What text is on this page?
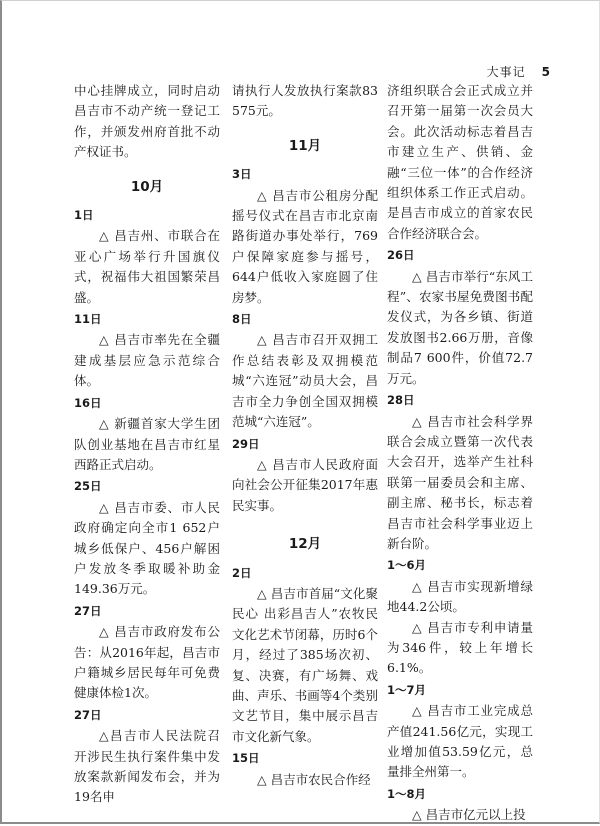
大事记 5

中心挂牌成立，同时启动昌吉市不动产统一登记工作，并颁发州府首批不动产权证书。

10月
1日

△ 昌吉州、市联合在亚心广场举行升国旗仪式，祝福伟大祖国繁荣昌盛。

11日

△ 昌吉市率先在全疆建成基层应急示范综合体。

16日

△ 新疆首家大学生团队创业基地在昌吉市红星西路正式启动。

25日

△ 昌吉市委、市人民政府确定向全市1 652户城乡低保户、456户解困户发放冬季取暖补助金149.36万元。

27日

△ 昌吉市政府发布公告：从2016年起，昌吉市户籍城乡居民每年可免费健康体检1次。

27日

△昌吉市人民法院召开涉民生执行案件集中发放案款新闻发布会，并为19名申

请执行人发放执行案款83 575元。

11月
3日

△ 昌吉市公租房分配摇号仪式在昌吉市北京南路街道办事处举行，769户保障家庭参与摇号，644户低收入家庭圆了住房梦。

8日

△ 昌吉市召开双拥工作总结表彰及双拥模范城“六连冠”动员大会，昌吉市全力争创全国双拥模范城“六连冠”。

29日

△ 昌吉市人民政府面向社会公开征集2017年惠民实事。

12月
2日

△ 昌吉市首届“文化聚民心 出彩昌吉人”农牧民文化艺术节闭幕，历时6个月，经过了385场次初、复、决赛，有广场舞、戏曲、声乐、书画等4个类别文艺节目，集中展示昌吉市文化新气象。

15日

△ 昌吉市农民合作经

济组织联合会正式成立并召开第一届第一次会员大会。此次活动标志着昌吉市建立生产、供销、金融“三位一体”的合作经济组织体系工作正式启动。是昌吉市成立的首家农民合作经济联合会。

26日

△ 昌吉市举行“东风工程”、农家书屋免费图书配发仪式，为各乡镇、街道发放图书2.66万册，音像制品7 600件，价值72.7万元。

28日

△ 昌吉市社会科学界联合会成立暨第一次代表大会召开，选举产生社科联第一届委员会和主席、副主席、秘书长，标志着昌吉市社会科学事业迈上新台阶。

1～6月

△ 昌吉市实现新增绿地44.2公顷。

△ 昌吉市专利申请量为346件，较上年增长6.1%。

1～7月

△ 昌吉市工业完成总产值241.56亿元，实现工业增加值53.59亿元，总量排全州第一。

1～8月

△ 昌吉市亿元以上投
